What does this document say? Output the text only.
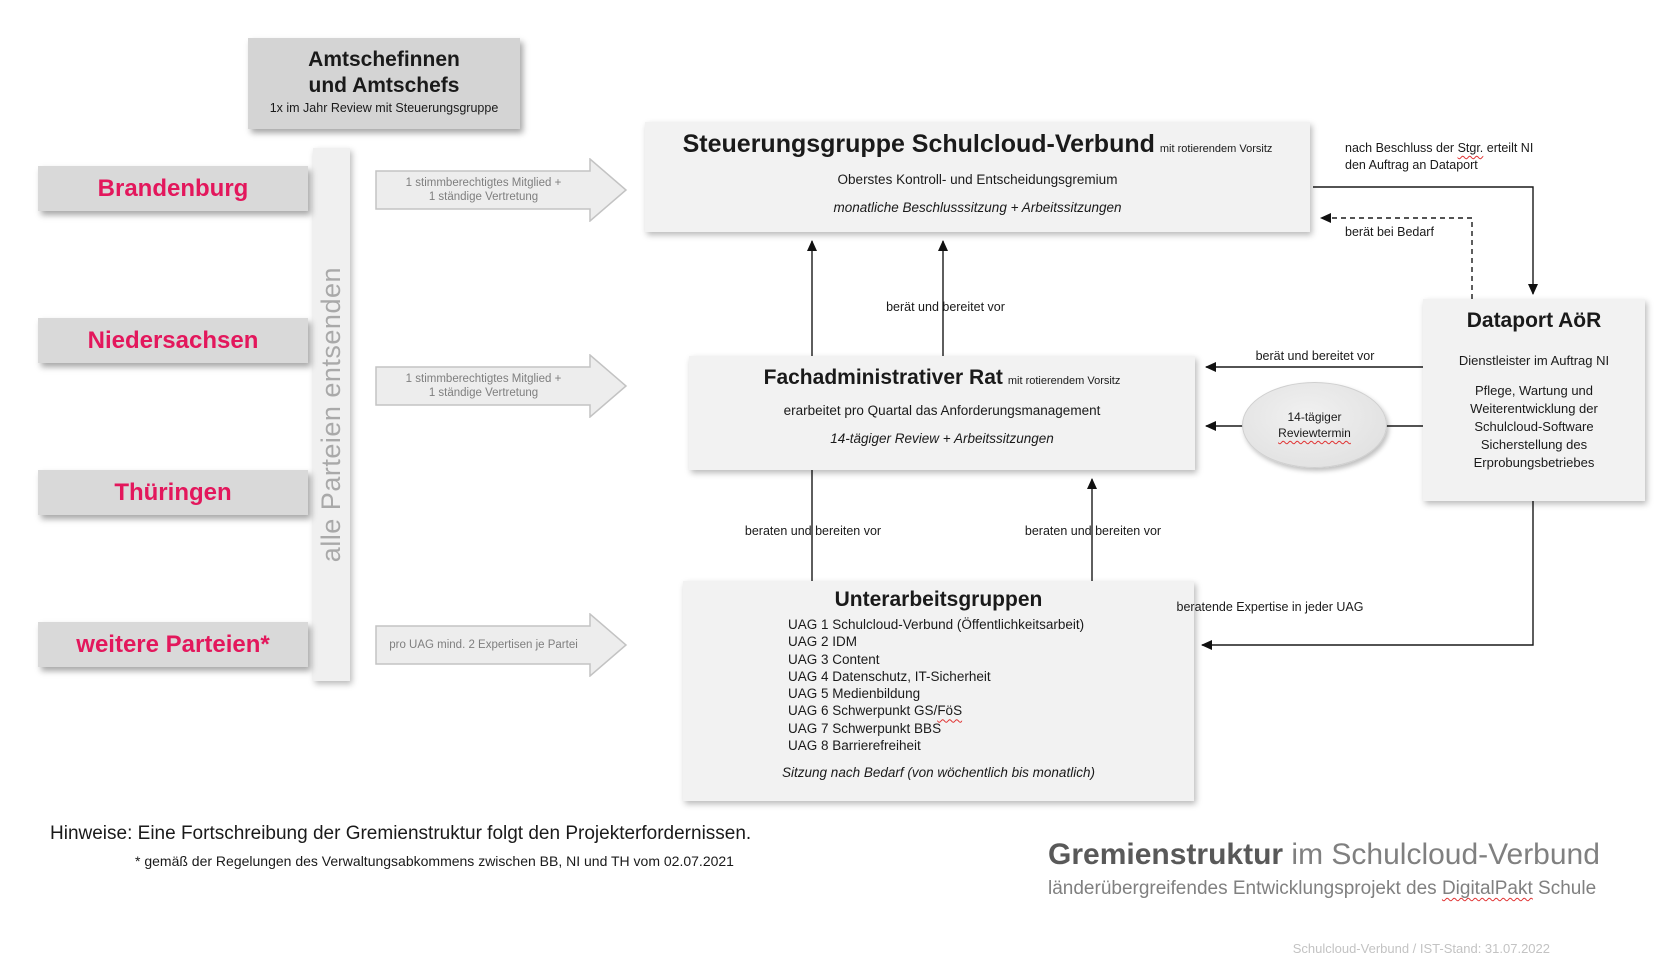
Amtschefinnen
und Amtschefs
1x im Jahr Review mit Steuerungsgruppe
Brandenburg
Niedersachsen
Thüringen
weitere Parteien*
alle Parteien entsenden
1 stimmberechtigtes Mitglied +
1 ständige Vertretung
1 stimmberechtigtes Mitglied +
1 ständige Vertretung
pro UAG mind. 2 Expertisen je Partei
Steuerungsgruppe Schulcloud-Verbund mit rotierendem Vorsitz
Oberstes Kontroll- und Entscheidungsgremium
monatliche Beschlusssitzung + Arbeitssitzungen
Fachadministrativer Rat mit rotierendem Vorsitz
erarbeitet pro Quartal das Anforderungsmanagement
14-tägiger Review + Arbeitssitzungen
Unterarbeitsgruppen
UAG 1 Schulcloud-Verbund (Öffentlichkeitsarbeit)
UAG 2 IDM
UAG 3 Content
UAG 4 Datenschutz, IT-Sicherheit
UAG 5 Medienbildung
UAG 6 Schwerpunkt GS/FöS
UAG 7 Schwerpunkt BBS
UAG 8 Barrierefreiheit
Sitzung nach Bedarf (von wöchentlich bis monatlich)
Dataport AöR
Dienstleister im Auftrag NI
Pflege, Wartung und
Weiterentwicklung der
Schulcloud-Software
Sicherstellung des
Erprobungsbetriebes
14-tägiger
Reviewtermin
berät und bereitet vor
beraten und bereiten vor	beraten und bereiten vor
berät und bereitet vor
nach Beschluss der Stgr. erteilt NI
den Auftrag an Dataport
berät bei Bedarf
beratende Expertise in jeder UAG
Hinweise: Eine Fortschreibung der Gremienstruktur folgt den Projekterfordernissen.
* gemäß der Regelungen des Verwaltungsabkommens zwischen BB, NI und TH vom 02.07.2021	Gremienstruktur im Schulcloud-Verbund
länderübergreifendes Entwicklungsprojekt des DigitalPakt Schule
Schulcloud-Verbund / IST-Stand: 31.07.2022
